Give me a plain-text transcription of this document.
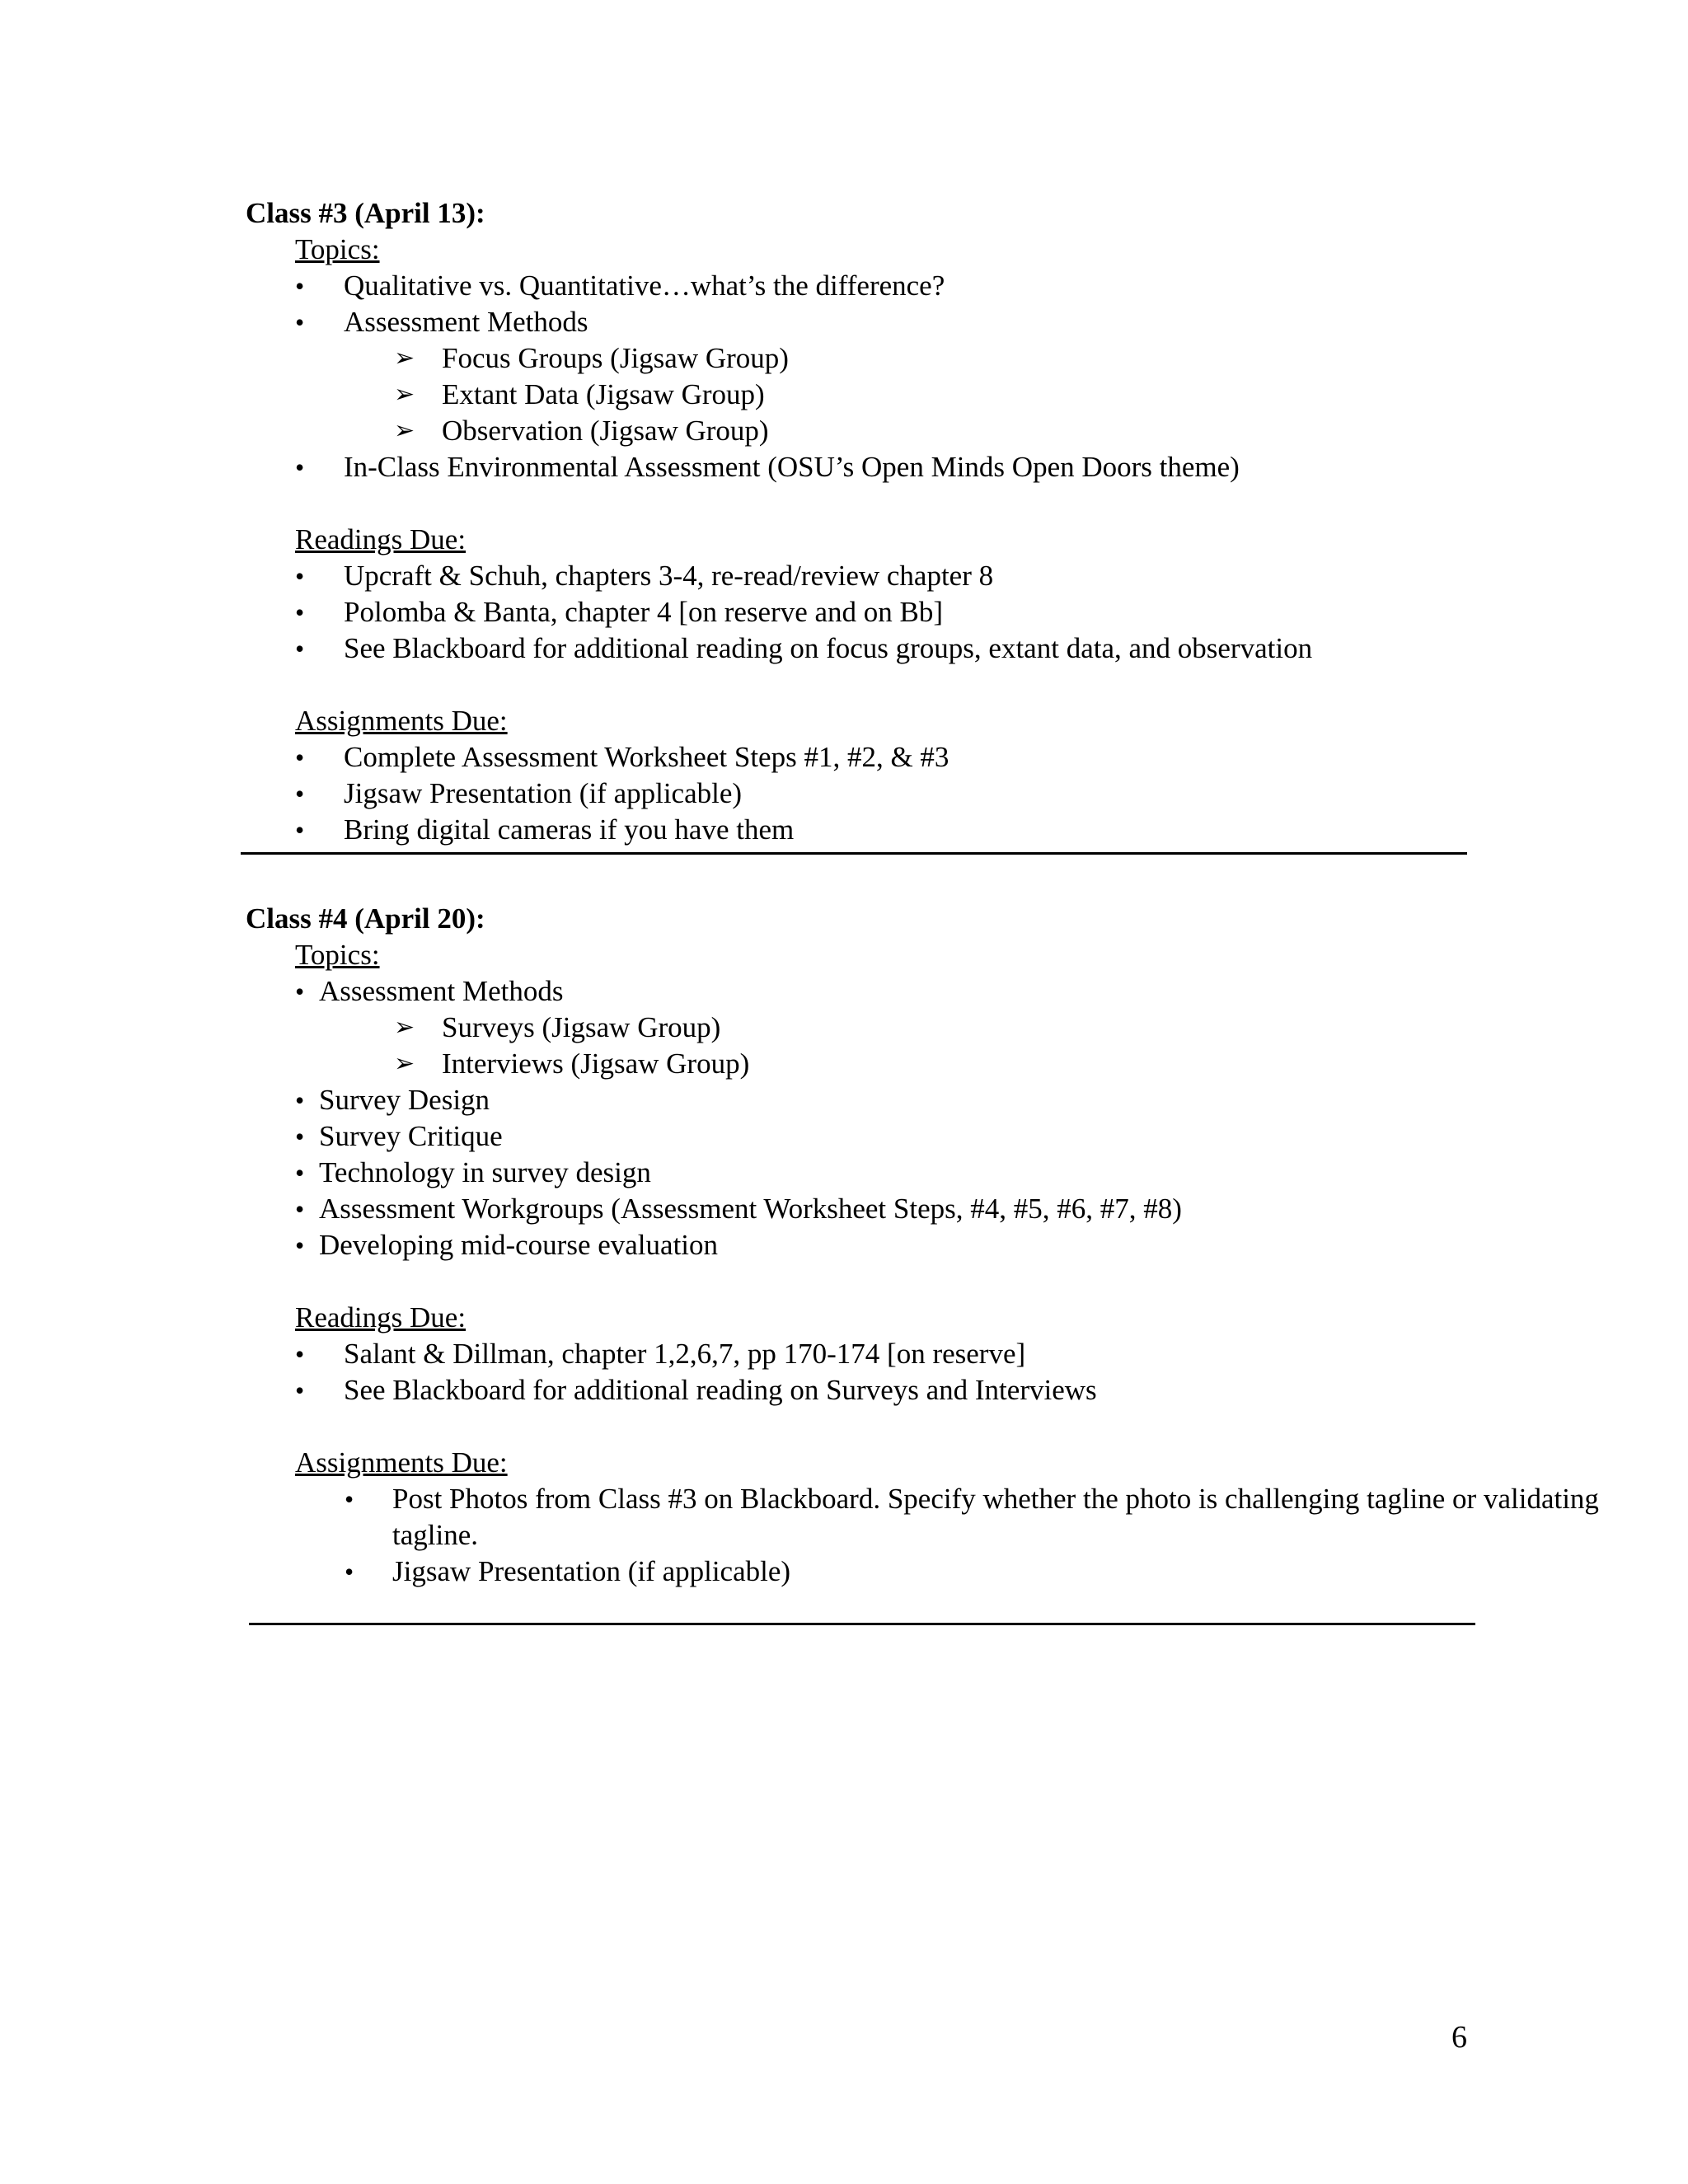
Class #3 (April 13):
Topics:
• Qualitative vs. Quantitative…what’s the difference?
• Assessment Methods
➢ Focus Groups (Jigsaw Group)
➢ Extant Data (Jigsaw Group)
➢ Observation (Jigsaw Group)
• In-Class Environmental Assessment (OSU’s Open Minds Open Doors theme)
Readings Due:
• Upcraft & Schuh, chapters 3-4, re-read/review chapter 8
• Polomba & Banta, chapter 4 [on reserve and on Bb]
• See Blackboard for additional reading on focus groups, extant data, and observation
Assignments Due:
• Complete Assessment Worksheet Steps #1, #2, & #3
• Jigsaw Presentation (if applicable)
• Bring digital cameras if you have them
Class #4 (April 20):
Topics:
• Assessment Methods
➢ Surveys (Jigsaw Group)
➢ Interviews (Jigsaw Group)
• Survey Design
• Survey Critique
• Technology in survey design
• Assessment Workgroups (Assessment Worksheet Steps, #4, #5, #6, #7, #8)
• Developing mid-course evaluation
Readings Due:
• Salant & Dillman, chapter 1,2,6,7, pp 170-174 [on reserve]
• See Blackboard for additional reading on Surveys and Interviews
Assignments Due:
• Post Photos from Class #3 on Blackboard. Specify whether the photo is challenging tagline or validating tagline.
• Jigsaw Presentation (if applicable)
6
